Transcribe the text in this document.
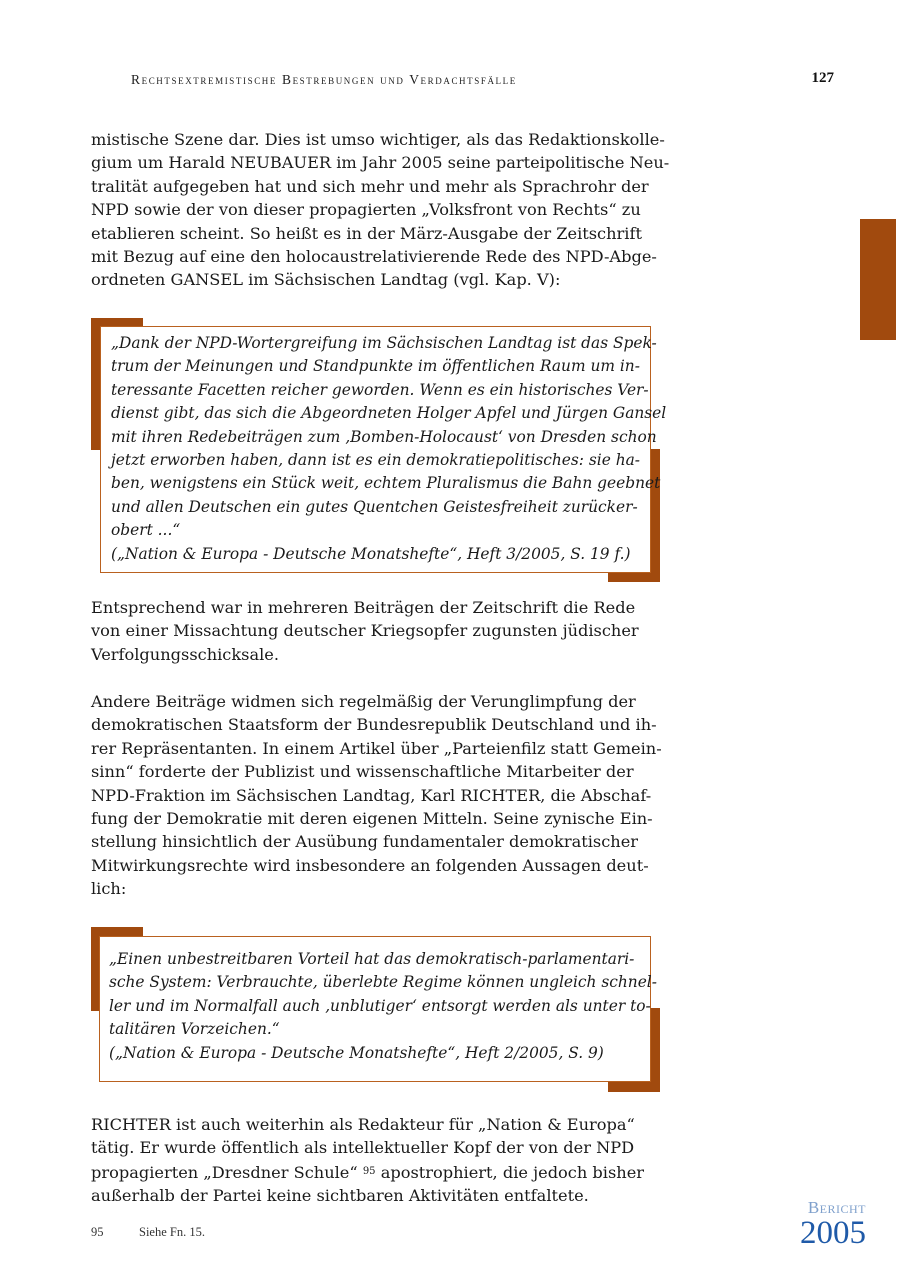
Rechtsextremistische Bestrebungen und Verdachtsfälle	127

mistische Szene dar. Dies ist umso wichtiger, als das Redaktionskolle-
gium um Harald NEUBAUER im Jahr 2005 seine parteipolitische Neu-
tralität aufgegeben hat und sich mehr und mehr als Sprachrohr der
NPD sowie der von dieser propagierten „Volksfront von Rechts“ zu
etablieren scheint. So heißt es in der März-Ausgabe der Zeitschrift
mit Bezug auf eine den holocaustrelativierende Rede des NPD-Abge-
ordneten GANSEL im Sächsischen Landtag (vgl. Kap. V):

„Dank der NPD-Wortergreifung im Sächsischen Landtag ist das Spek-
trum der Meinungen und Standpunkte im öffentlichen Raum um in-
teressante Facetten reicher geworden. Wenn es ein historisches Ver-
dienst gibt, das sich die Abgeordneten Holger Apfel und Jürgen Gansel
mit ihren Redebeiträgen zum ‚Bomben-Holocaust‘ von Dresden schon
jetzt erworben haben, dann ist es ein demokratiepolitisches: sie ha-
ben, wenigstens ein Stück weit, echtem Pluralismus die Bahn geebnet
und allen Deutschen ein gutes Quentchen Geistesfreiheit zurücker-
obert ...“
(„Nation & Europa - Deutsche Monatshefte“, Heft 3/2005, S. 19 f.)

Entsprechend war in mehreren Beiträgen der Zeitschrift die Rede
von einer Missachtung deutscher Kriegsopfer zugunsten jüdischer
Verfolgungsschicksale.

Andere Beiträge widmen sich regelmäßig der Verunglimpfung der
demokratischen Staatsform der Bundesrepublik Deutschland und ih-
rer Repräsentanten. In einem Artikel über „Parteienfilz statt Gemein-
sinn“ forderte der Publizist und wissenschaftliche Mitarbeiter der
NPD-Fraktion im Sächsischen Landtag, Karl RICHTER, die Abschaf-
fung der Demokratie mit deren eigenen Mitteln. Seine zynische Ein-
stellung hinsichtlich der Ausübung fundamentaler demokratischer
Mitwirkungsrechte wird insbesondere an folgenden Aussagen deut-
lich:

„Einen unbestreitbaren Vorteil hat das demokratisch-parlamentari-
sche System: Verbrauchte, überlebte Regime können ungleich schnel-
ler und im Normalfall auch ‚unblutiger‘ entsorgt werden als unter to-
talitären Vorzeichen.“
(„Nation & Europa - Deutsche Monatshefte“, Heft 2/2005, S. 9)

RICHTER ist auch weiterhin als Redakteur für „Nation & Europa“
tätig. Er wurde öffentlich als intellektueller Kopf der von der NPD
propagierten „Dresdner Schule“ $^{95}$ apostrophiert, die jedoch bisher
außerhalb der Partei keine sichtbaren Aktivitäten entfaltete.

95	Siehe Fn. 15.
Bericht
2005
